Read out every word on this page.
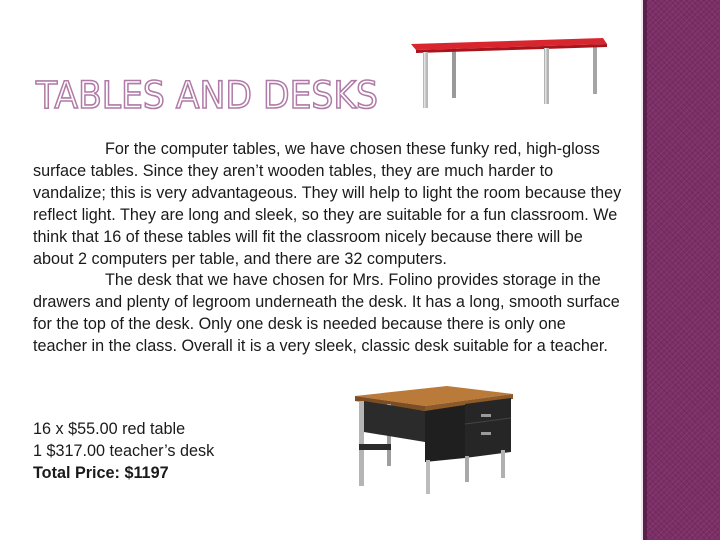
TABLES AND DESKS

For the computer tables, we have chosen these funky red, high-gloss surface tables. Since they aren’t wooden tables, they are much harder to vandalize; this is very advantageous. They will help to light the room because they reflect light. They are long and sleek, so they are suitable for a fun classroom. We think that 16 of these tables will fit the classroom nicely because there will be about 2 computers per table, and there are 32 computers.

The desk that we have chosen for Mrs. Folino provides storage in the drawers and plenty of legroom underneath the desk. It has a long, smooth surface for the top of the desk. Only one desk is needed because there is only one teacher in the class. Overall it is a very sleek, classic desk suitable for a teacher.

16 x $55.00 red table
1 $317.00 teacher’s desk
Total Price: $1197
